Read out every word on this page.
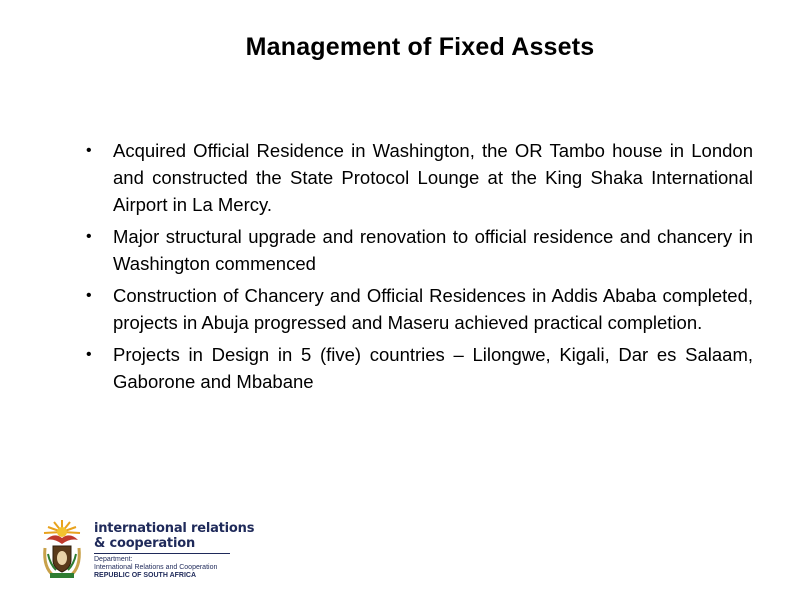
Management of Fixed Assets
• Acquired Official Residence in Washington, the OR Tambo house in London and constructed the State Protocol Lounge at the King Shaka International Airport in La Mercy.
• Major structural upgrade and renovation to official residence and chancery in Washington commenced
• Construction of Chancery and Official Residences in Addis Ababa completed, projects in Abuja progressed and Maseru achieved practical completion.
• Projects in Design in 5 (five) countries – Lilongwe, Kigali, Dar es Salaam, Gaborone and Mbabane
international relations
& cooperation
Department:
International Relations and Cooperation
REPUBLIC OF SOUTH AFRICA
